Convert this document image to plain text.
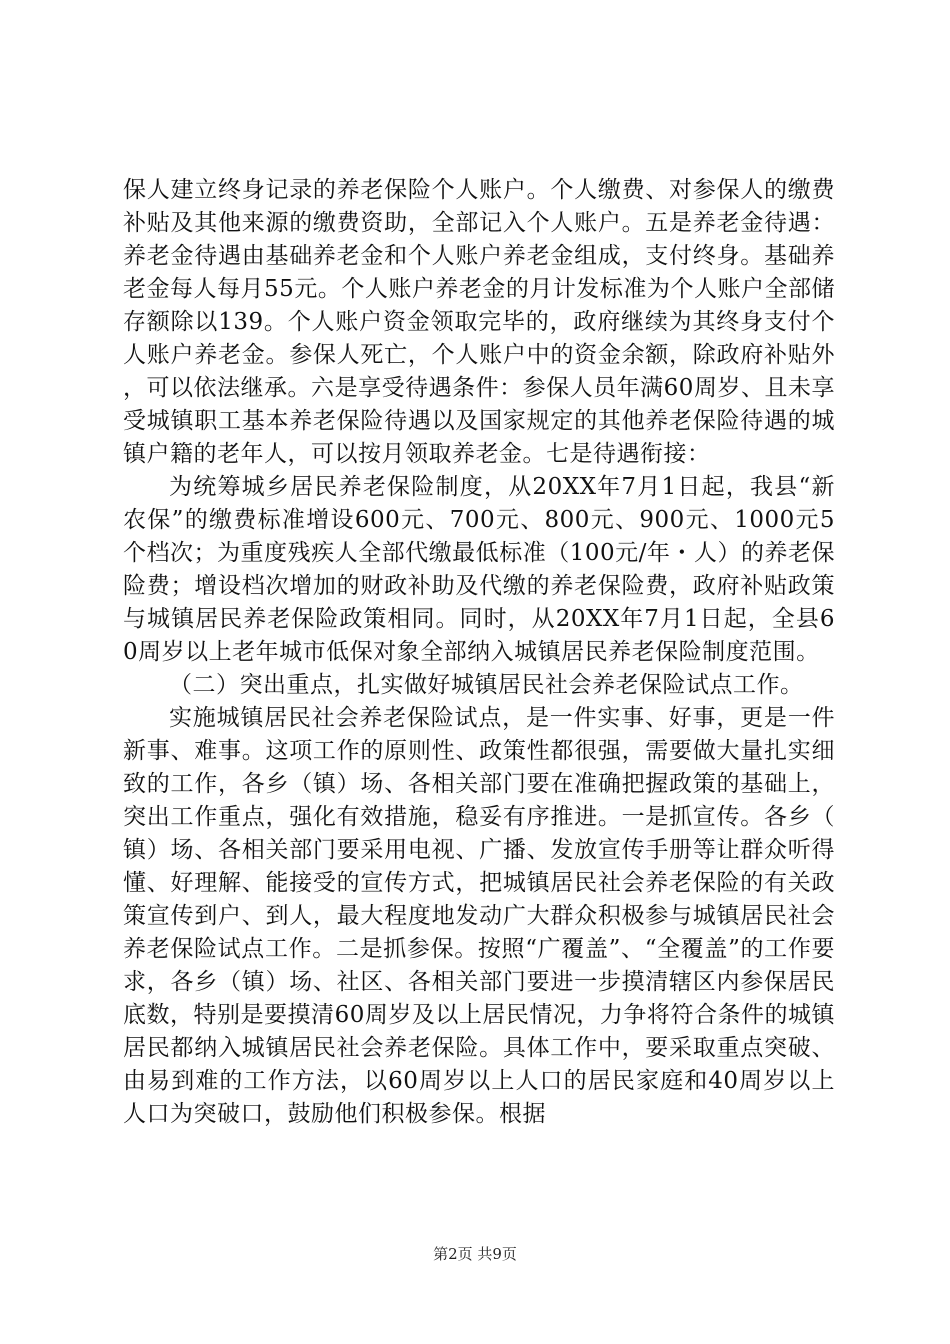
保人建立终身记录的养老保险个人账户。个人缴费、对参保人的缴费补贴及其他来源的缴费资助，全部记入个人账户。五是养老金待遇：养老金待遇由基础养老金和个人账户养老金组成，支付终身。基础养老金每人每月55元。个人账户养老金的月计发标准为个人账户全部储存额除以139。个人账户资金领取完毕的，政府继续为其终身支付个人账户养老金。参保人死亡，个人账户中的资金余额，除政府补贴外，可以依法继承。六是享受待遇条件：参保人员年满60周岁、且未享受城镇职工基本养老保险待遇以及国家规定的其他养老保险待遇的城镇户籍的老年人，可以按月领取养老金。七是待遇衔接：

为统筹城乡居民养老保险制度，从20XX年7月1日起，我县“新农保”的缴费标准增设600元、700元、800元、900元、1000元5个档次；为重度残疾人全部代缴最低标准（100元/年・人）的养老保险费；增设档次增加的财政补助及代缴的养老保险费，政府补贴政策与城镇居民养老保险政策相同。同时，从20XX年7月1日起，全县60周岁以上老年城市低保对象全部纳入城镇居民养老保险制度范围。

（二）突出重点，扎实做好城镇居民社会养老保险试点工作。

实施城镇居民社会养老保险试点，是一件实事、好事，更是一件新事、难事。这项工作的原则性、政策性都很强，需要做大量扎实细致的工作，各乡（镇）场、各相关部门要在准确把握政策的基础上，突出工作重点，强化有效措施，稳妥有序推进。一是抓宣传。各乡（镇）场、各相关部门要采用电视、广播、发放宣传手册等让群众听得懂、好理解、能接受的宣传方式，把城镇居民社会养老保险的有关政策宣传到户、到人，最大程度地发动广大群众积极参与城镇居民社会养老保险试点工作。二是抓参保。按照“广覆盖”、“全覆盖”的工作要求，各乡（镇）场、社区、各相关部门要进一步摸清辖区内参保居民底数，特别是要摸清60周岁及以上居民情况，力争将符合条件的城镇居民都纳入城镇居民社会养老保险。具体工作中，要采取重点突破、由易到难的工作方法，以60周岁以上人口的居民家庭和40周岁以上人口为突破口，鼓励他们积极参保。根据

第2页 共9页
